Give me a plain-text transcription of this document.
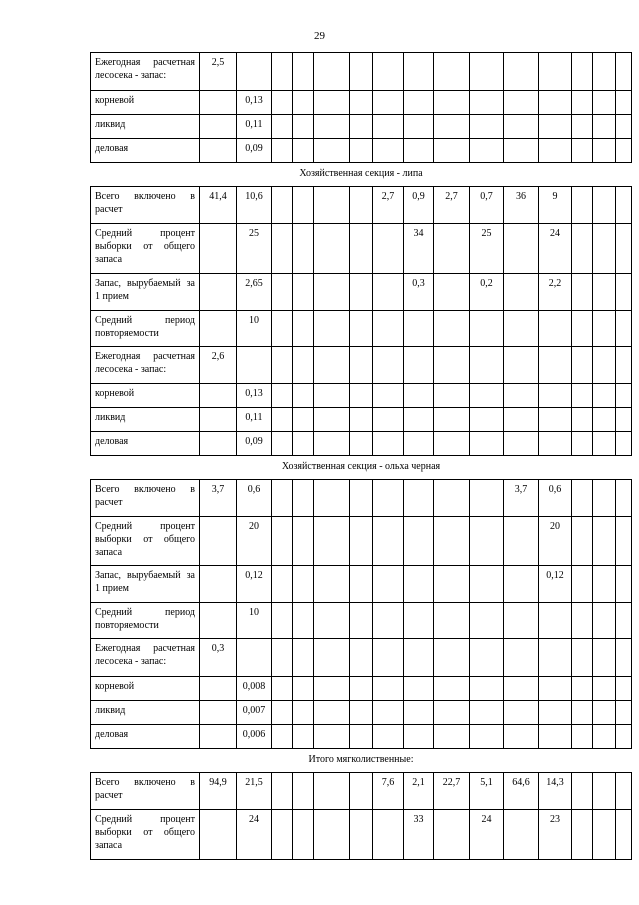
29
Ежегодная расчетная лесосека - запас:	2,5														
корневой		0,13													
ликвид		0,11													
деловая		0,09													
Хозяйственная секция - липа															
Всего включено в расчет	41,4	10,6					2,7	0,9	2,7	0,7	36	9			
Средний процент выборки от общего запаса		25						34		25		24			
Запас, вырубаемый за 1 прием		2,65						0,3		0,2		2,2			
Средний период повторяемости		10													
Ежегодная расчетная лесосека - запас:	2,6														
корневой		0,13													
ликвид		0,11													
деловая		0,09													
Хозяйственная секция - ольха черная															
Всего включено в расчет	3,7	0,6									3,7	0,6			
Средний процент выборки от общего запаса		20										20			
Запас, вырубаемый за 1 прием		0,12										0,12			
Средний период повторяемости		10													
Ежегодная расчетная лесосека - запас:	0,3														
корневой		0,008													
ликвид		0,007													
деловая		0,006													
Итого мягколиственные:															
Всего включено в расчет	94,9	21,5					7,6	2,1	22,7	5,1	64,6	14,3			
Средний процент выборки от общего запаса		24						33		24		23			
